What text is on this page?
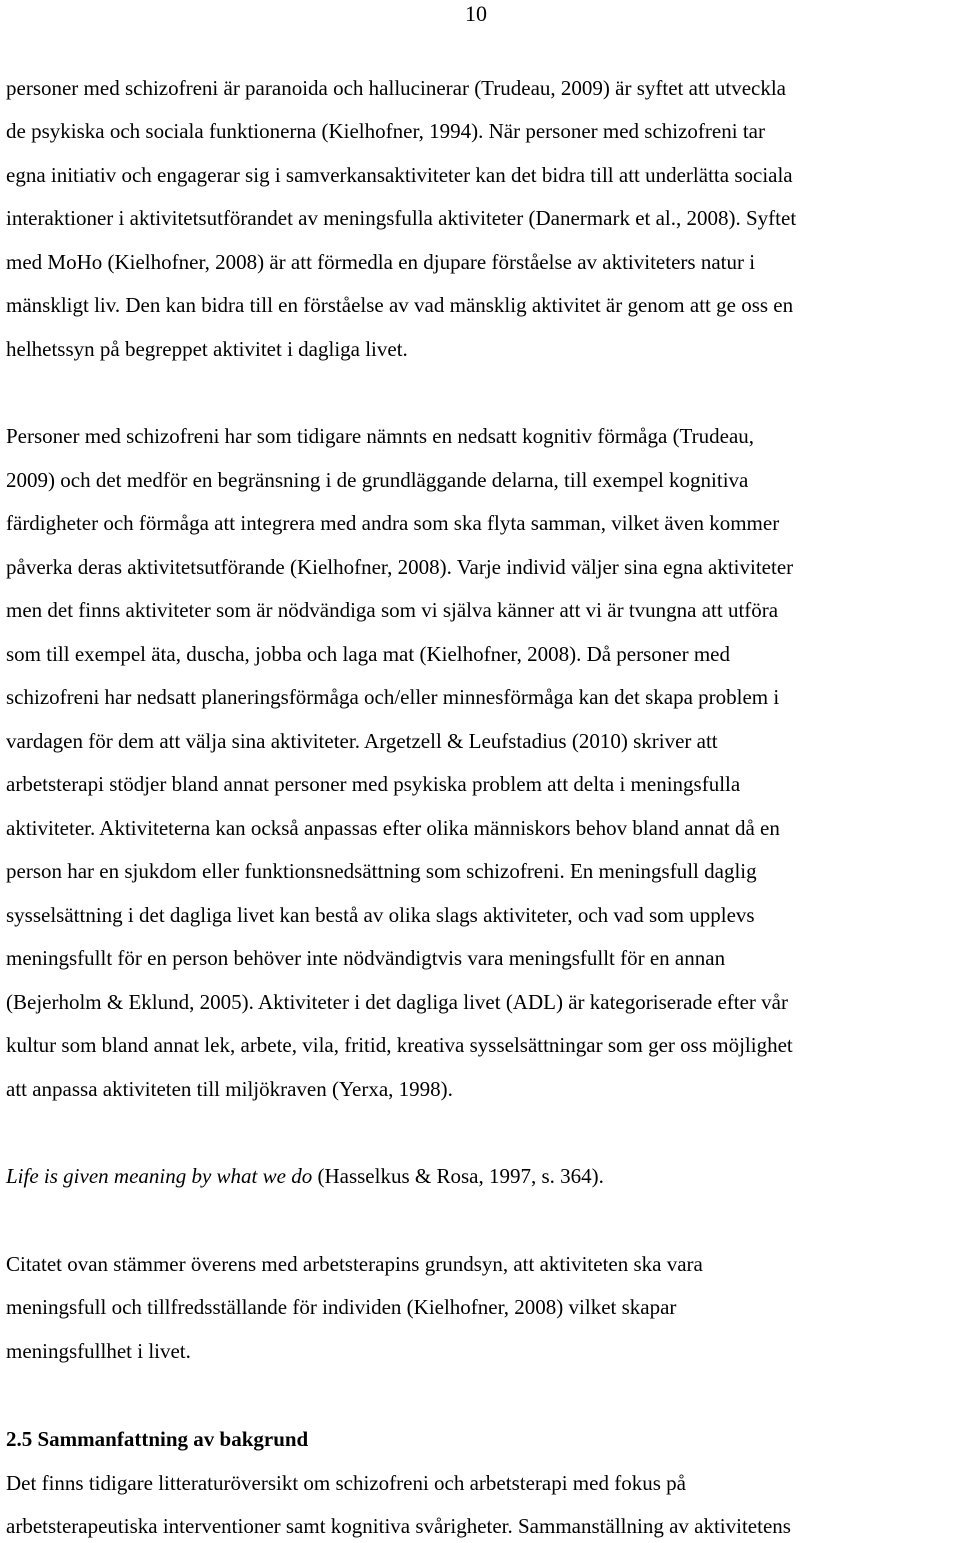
10
personer med schizofreni är paranoida och hallucinerar (Trudeau, 2009) är syftet att utveckla
de psykiska och sociala funktionerna (Kielhofner, 1994). När personer med schizofreni tar
egna initiativ och engagerar sig i samverkansaktiviteter kan det bidra till att underlätta sociala
interaktioner i aktivitetsutförandet av meningsfulla aktiviteter (Danermark et al., 2008). Syftet
med MoHo (Kielhofner, 2008) är att förmedla en djupare förståelse av aktiviteters natur i
mänskligt liv. Den kan bidra till en förståelse av vad mänsklig aktivitet är genom att ge oss en
helhetssyn på begreppet aktivitet i dagliga livet.
Personer med schizofreni har som tidigare nämnts en nedsatt kognitiv förmåga (Trudeau,
2009) och det medför en begränsning i de grundläggande delarna, till exempel kognitiva
färdigheter och förmåga att integrera med andra som ska flyta samman, vilket även kommer
påverka deras aktivitetsutförande (Kielhofner, 2008). Varje individ väljer sina egna aktiviteter
men det finns aktiviteter som är nödvändiga som vi själva känner att vi är tvungna att utföra
som till exempel äta, duscha, jobba och laga mat (Kielhofner, 2008). Då personer med
schizofreni har nedsatt planeringsförmåga och/eller minnesförmåga kan det skapa problem i
vardagen för dem att välja sina aktiviteter. Argetzell & Leufstadius (2010) skriver att
arbetsterapi stödjer bland annat personer med psykiska problem att delta i meningsfulla
aktiviteter. Aktiviteterna kan också anpassas efter olika människors behov bland annat då en
person har en sjukdom eller funktionsnedsättning som schizofreni. En meningsfull daglig
sysselsättning i det dagliga livet kan bestå av olika slags aktiviteter, och vad som upplevs
meningsfullt för en person behöver inte nödvändigtvis vara meningsfullt för en annan
(Bejerholm & Eklund, 2005). Aktiviteter i det dagliga livet (ADL) är kategoriserade efter vår
kultur som bland annat lek, arbete, vila, fritid, kreativa sysselsättningar som ger oss möjlighet
att anpassa aktiviteten till miljökraven (Yerxa, 1998).
Life is given meaning by what we do (Hasselkus & Rosa, 1997, s. 364).
Citatet ovan stämmer överens med arbetsterapins grundsyn, att aktiviteten ska vara
meningsfull och tillfredsställande för individen (Kielhofner, 2008) vilket skapar
meningsfullhet i livet.
2.5 Sammanfattning av bakgrund
Det finns tidigare litteraturöversikt om schizofreni och arbetsterapi med fokus på
arbetsterapeutiska interventioner samt kognitiva svårigheter. Sammanställning av aktivitetens
